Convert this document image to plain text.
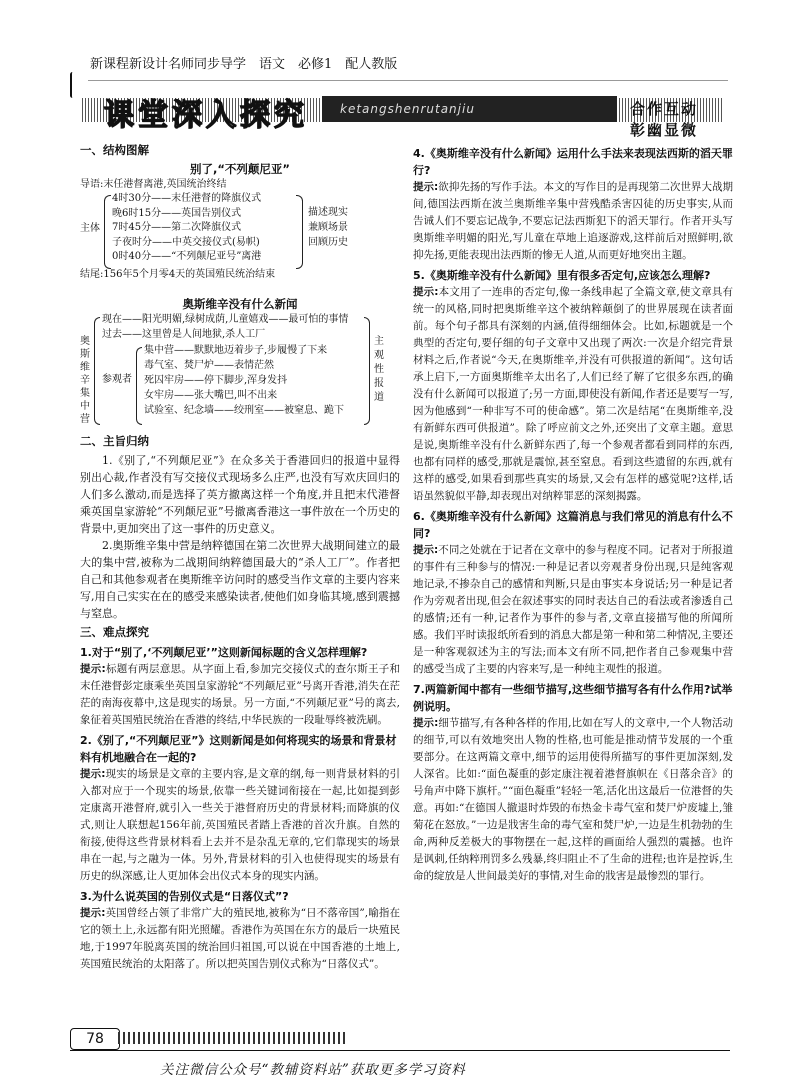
新课程新设计名师同步导学　语文　必修1　配人教版
课堂深入探究	ketangshenrutanjiu	合作互动　彰幽显微
一、结构图解
别了,“不列颠尼亚”
导语:末任港督离港,英国统治终结
主体
4时30分——末任港督的降旗仪式
晚6时15分——英国告别仪式
7时45分——第二次降旗仪式
子夜时分——中英交接仪式(易帜)
0时40分——“不列颠尼亚号”离港
描述现实
兼顾场景
回顾历史
结尾:156年5个月零4天的英国殖民统治结束
奥斯维辛没有什么新闻
奥斯维辛集中营
现在——阳光明媚,绿树成荫,儿童嬉戏——最可怕的事情
过去——这里曾是人间地狱,杀人工厂
参观者
集中营——默默地迈着步子,步履慢了下来
毒气室、焚尸炉——表情茫然
死囚牢房——停下脚步,浑身发抖
女牢房——张大嘴巴,叫不出来
试验室、纪念墙——绞刑室——被窒息、跪下
主观性报道
二、主旨归纳

1.《别了,“不列颠尼亚”》在众多关于香港回归的报道中显得别出心裁,作者没有写交接仪式现场多么庄严,也没有写欢庆回归的人们多么激动,而是选择了英方撤离这样一个角度,并且把末代港督乘英国皇家游轮“不列颠尼亚”号撤离香港这一事件放在一个历史的背景中,更加突出了这一事件的历史意义。

2.奥斯维辛集中营是纳粹德国在第二次世界大战期间建立的最大的集中营,被称为二战期间纳粹德国最大的“杀人工厂”。作者把自己和其他参观者在奥斯维辛访问时的感受当作文章的主要内容来写,用自己实实在在的感受来感染读者,使他们如身临其境,感到震撼与窒息。

三、难点探究
1.对于“别了,‘不列颠尼亚’”这则新闻标题的含义怎样理解?

提示:标题有两层意思。从字面上看,参加完交接仪式的查尔斯王子和末任港督彭定康乘坐英国皇家游轮“不列颠尼亚”号离开香港,消失在茫茫的南海夜幕中,这是现实的场景。另一方面,“不列颠尼亚”号的离去,象征着英国殖民统治在香港的终结,中华民族的一段耻辱终被洗刷。

2.《别了,“不列颠尼亚”》这则新闻是如何将现实的场景和背景材料有机地融合在一起的?

提示:现实的场景是文章的主要内容,是文章的纲,每一则背景材料的引入都对应于一个现实的场景,依靠一些关键词衔接在一起,比如提到彭定康离开港督府,就引入一些关于港督府历史的背景材料;而降旗的仪式,则让人联想起156年前,英国殖民者踏上香港的首次升旗。自然的衔接,使得这些背景材料看上去并不是杂乱无章的,它们靠现实的场景串在一起,与之融为一体。另外,背景材料的引入也使得现实的场景有历史的纵深感,让人更加体会出仪式本身的现实内涵。

3.为什么说英国的告别仪式是“日落仪式”?

提示:英国曾经占领了非常广大的殖民地,被称为“日不落帝国”,喻指在它的领土上,永远都有阳光照耀。香港作为英国在东方的最后一块殖民地,于1997年脱离英国的统治回归祖国,可以说在中国香港的土地上,英国殖民统治的太阳落了。所以把英国告别仪式称为“日落仪式”。

4.《奥斯维辛没有什么新闻》运用什么手法来表现法西斯的滔天罪行?

提示:欲抑先扬的写作手法。本文的写作目的是再现第二次世界大战期间,德国法西斯在波兰奥斯维辛集中营残酷杀害囚徒的历史事实,从而告诫人们不要忘记战争,不要忘记法西斯犯下的滔天罪行。作者开头写奥斯维辛明媚的阳光,写儿童在草地上追逐游戏,这样前后对照鲜明,欲抑先扬,更能表现出法西斯的惨无人道,从而更好地突出主题。

5.《奥斯维辛没有什么新闻》里有很多否定句,应该怎么理解?

提示:本文用了一连串的否定句,像一条线串起了全篇文章,使文章具有统一的风格,同时把奥斯维辛这个被纳粹颠倒了的世界展现在读者面前。每个句子都具有深刻的内涵,值得细细体会。比如,标题就是一个典型的否定句,要仔细的句子文章中又出现了两次:一次是介绍完背景材料之后,作者说“今天,在奥斯维辛,并没有可供报道的新闻”。这句话承上启下,一方面奥斯维辛太出名了,人们已经了解了它很多东西,的确没有什么新闻可以报道了;另一方面,即使没有新闻,作者还是要写一写,因为他感到“一种非写不可的使命感”。第二次是结尾“在奥斯维辛,没有新鲜东西可供报道”。除了呼应前文之外,还突出了文章主题。意思是说,奥斯维辛没有什么新鲜东西了,每一个参观者都看到同样的东西,也都有同样的感受,那就是震惊,甚至窒息。看到这些遗留的东西,就有这样的感受,如果看到那些真实的场景,又会有怎样的感觉呢?这样,话语虽然貌似平静,却表现出对纳粹罪恶的深刻揭露。

6.《奥斯维辛没有什么新闻》这篇消息与我们常见的消息有什么不同?

提示:不同之处就在于记者在文章中的参与程度不同。记者对于所报道的事件有三种参与的情况:一种是记者以旁观者身份出现,只是纯客观地记录,不掺杂自己的感情和判断,只是由事实本身说话;另一种是记者作为旁观者出现,但会在叙述事实的同时表达自己的看法或者渗透自己的感情;还有一种,记者作为事件的参与者,文章直接描写他的所闻所感。我们平时读报纸所看到的消息大都是第一种和第二种情况,主要还是一种客观叙述为主的写法;而本文有所不同,把作者自己参观集中营的感受当成了主要的内容来写,是一种纯主观性的报道。

7.两篇新闻中都有一些细节描写,这些细节描写各有什么作用?试举例说明。

提示:细节描写,有各种各样的作用,比如在写人的文章中,一个人物活动的细节,可以有效地突出人物的性格,也可能是推动情节发展的一个重要部分。在这两篇文章中,细节的运用使得所描写的事件更加深刻,发人深省。比如:“面色凝重的彭定康注视着港督旗帜在《日落余音》的号角声中降下旗杆。”“面色凝重”轻轻一笔,活化出这最后一位港督的失意。再如:“在德国人撤退时炸毁的布热金卡毒气室和焚尸炉废墟上,雏菊花在怒放。”一边是戕害生命的毒气室和焚尸炉,一边是生机勃勃的生命,两种反差极大的事物摆在一起,这样的画面给人强烈的震撼。也许是讽刺,任纳粹刑罚多么残暴,终归阻止不了生命的进程;也许是控诉,生命的绽放是人世间最美好的事情,对生命的戕害是最惨烈的罪行。

78
关注微信公众号“教辅资料站”获取更多学习资料
